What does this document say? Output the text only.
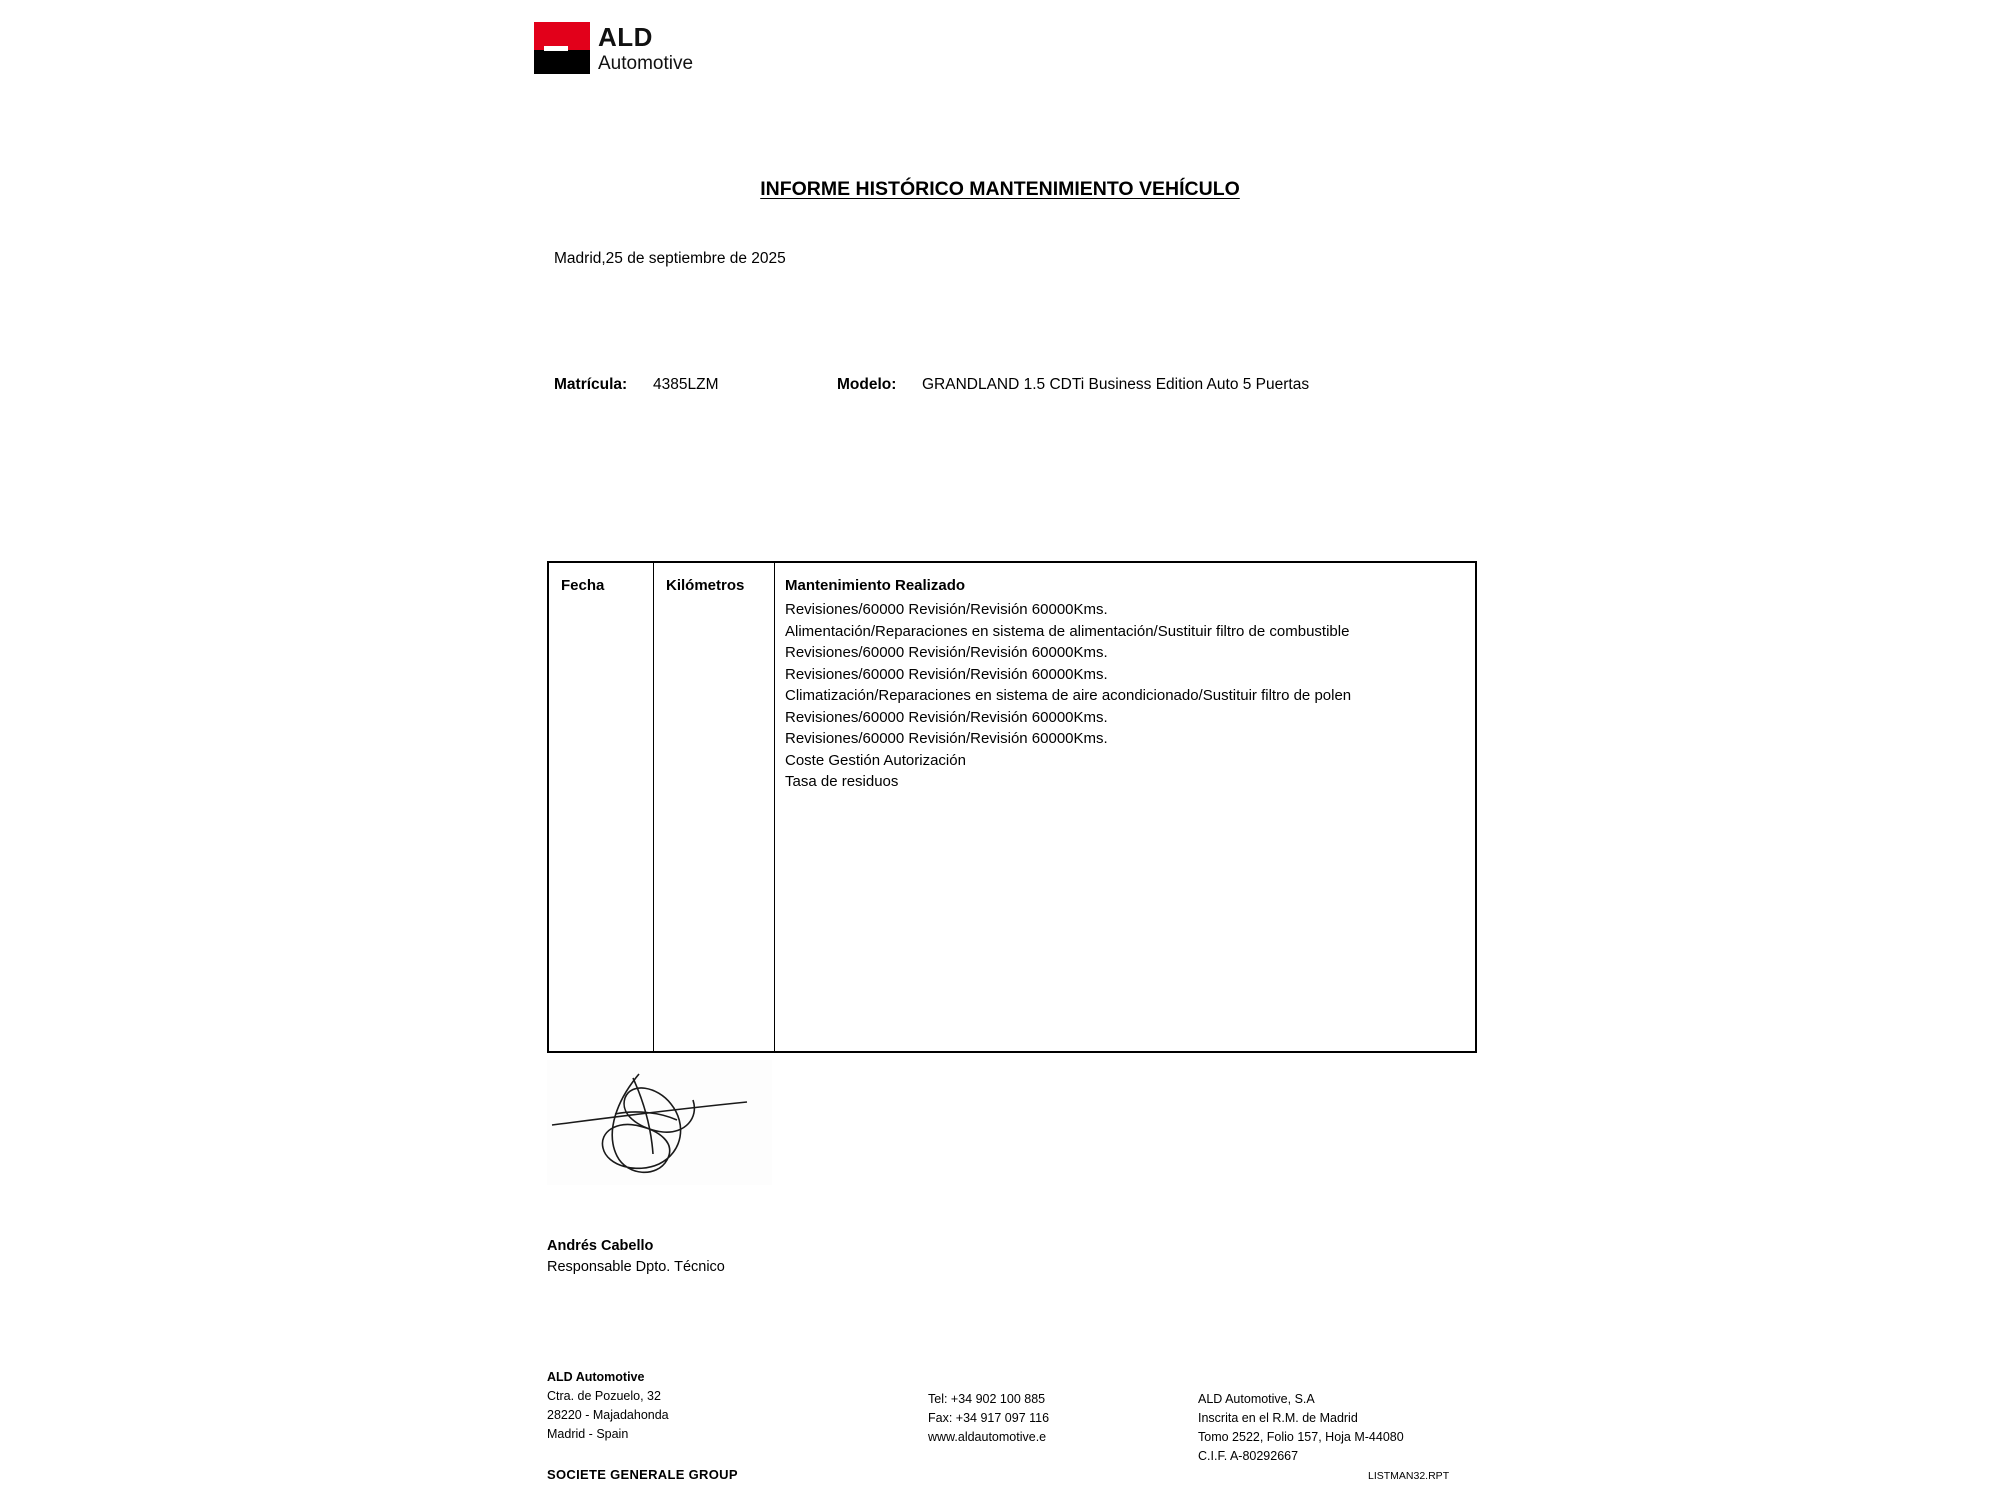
ALD
Automotive
INFORME HISTÓRICO MANTENIMIENTO VEHÍCULO
Madrid,25 de septiembre de 2025
Matrícula: 4385LZM	Modelo: GRANDLAND 1.5 CDTi Business Edition Auto 5 Puertas
Fecha	Kilómetros	Mantenimiento Realizado
Revisiones/60000 Revisión/Revisión 60000Kms.
Alimentación/Reparaciones en sistema de alimentación/Sustituir filtro de combustible
Revisiones/60000 Revisión/Revisión 60000Kms.
Revisiones/60000 Revisión/Revisión 60000Kms.
Climatización/Reparaciones en sistema de aire acondicionado/Sustituir filtro de polen
Revisiones/60000 Revisión/Revisión 60000Kms.
Revisiones/60000 Revisión/Revisión 60000Kms.
Coste Gestión Autorización
Tasa de residuos
Andrés Cabello
Responsable Dpto. Técnico
ALD Automotive
Ctra. de Pozuelo, 32
28220 - Majadahonda
Madrid - Spain
Tel: +34 902 100 885
Fax: +34 917 097 116
www.aldautomotive.e
ALD Automotive, S.A
Inscrita en el R.M. de Madrid
Tomo 2522, Folio 157, Hoja M-44080
C.I.F. A-80292667
SOCIETE GENERALE GROUP	LISTMAN32.RPT
